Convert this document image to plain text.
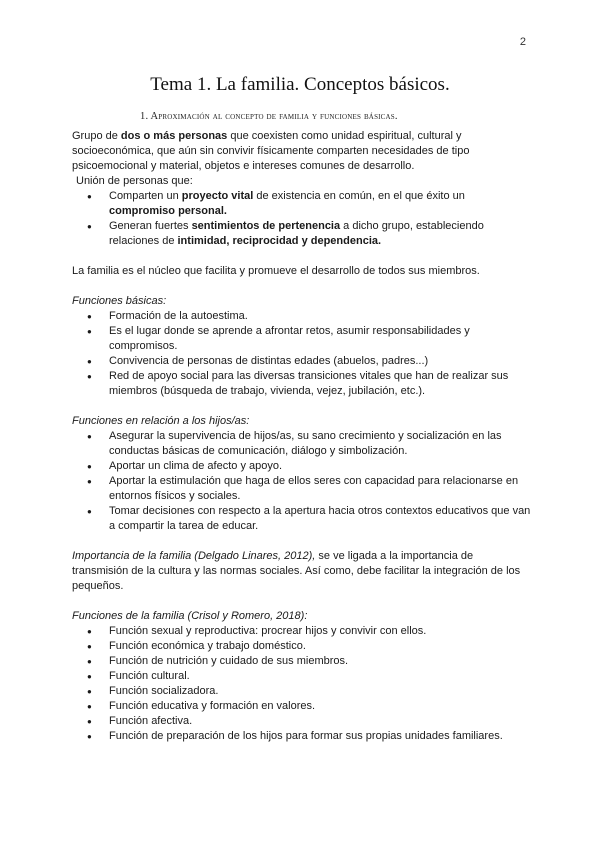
2
Tema 1. La familia. Conceptos básicos.
1. Aproximación al concepto de familia y funciones básicas.

Grupo de dos o más personas que coexisten como unidad espiritual, cultural y socioeconómica, que aún sin convivir físicamente comparten necesidades de tipo psicoemocional y material, objetos e intereses comunes de desarrollo.

Unión de personas que:

● Comparten un proyecto vital de existencia en común, en el que éxito un compromiso personal.
● Generan fuertes sentimientos de pertenencia a dicho grupo, estableciendo relaciones de intimidad, reciprocidad y dependencia.

La familia es el núcleo que facilita y promueve el desarrollo de todos sus miembros.

Funciones básicas:

● Formación de la autoestima.
● Es el lugar donde se aprende a afrontar retos, asumir responsabilidades y compromisos.
● Convivencia de personas de distintas edades (abuelos, padres...)
● Red de apoyo social para las diversas transiciones vitales que han de realizar sus miembros (búsqueda de trabajo, vivienda, vejez, jubilación, etc.).

Funciones en relación a los hijos/as:

● Asegurar la supervivencia de hijos/as, su sano crecimiento y socialización en las conductas básicas de comunicación, diálogo y simbolización.
● Aportar un clima de afecto y apoyo.
● Aportar la estimulación que haga de ellos seres con capacidad para relacionarse en entornos físicos y sociales.
● Tomar decisiones con respecto a la apertura hacia otros contextos educativos que van a compartir la tarea de educar.

Importancia de la familia (Delgado Linares, 2012), se ve ligada a la importancia de transmisión de la cultura y las normas sociales. Así como, debe facilitar la integración de los pequeños.

Funciones de la familia (Crisol y Romero, 2018):

● Función sexual y reproductiva: procrear hijos y convivir con ellos.
● Función económica y trabajo doméstico.
● Función de nutrición y cuidado de sus miembros.
● Función cultural.
● Función socializadora.
● Función educativa y formación en valores.
● Función afectiva.
● Función de preparación de los hijos para formar sus propias unidades familiares.
